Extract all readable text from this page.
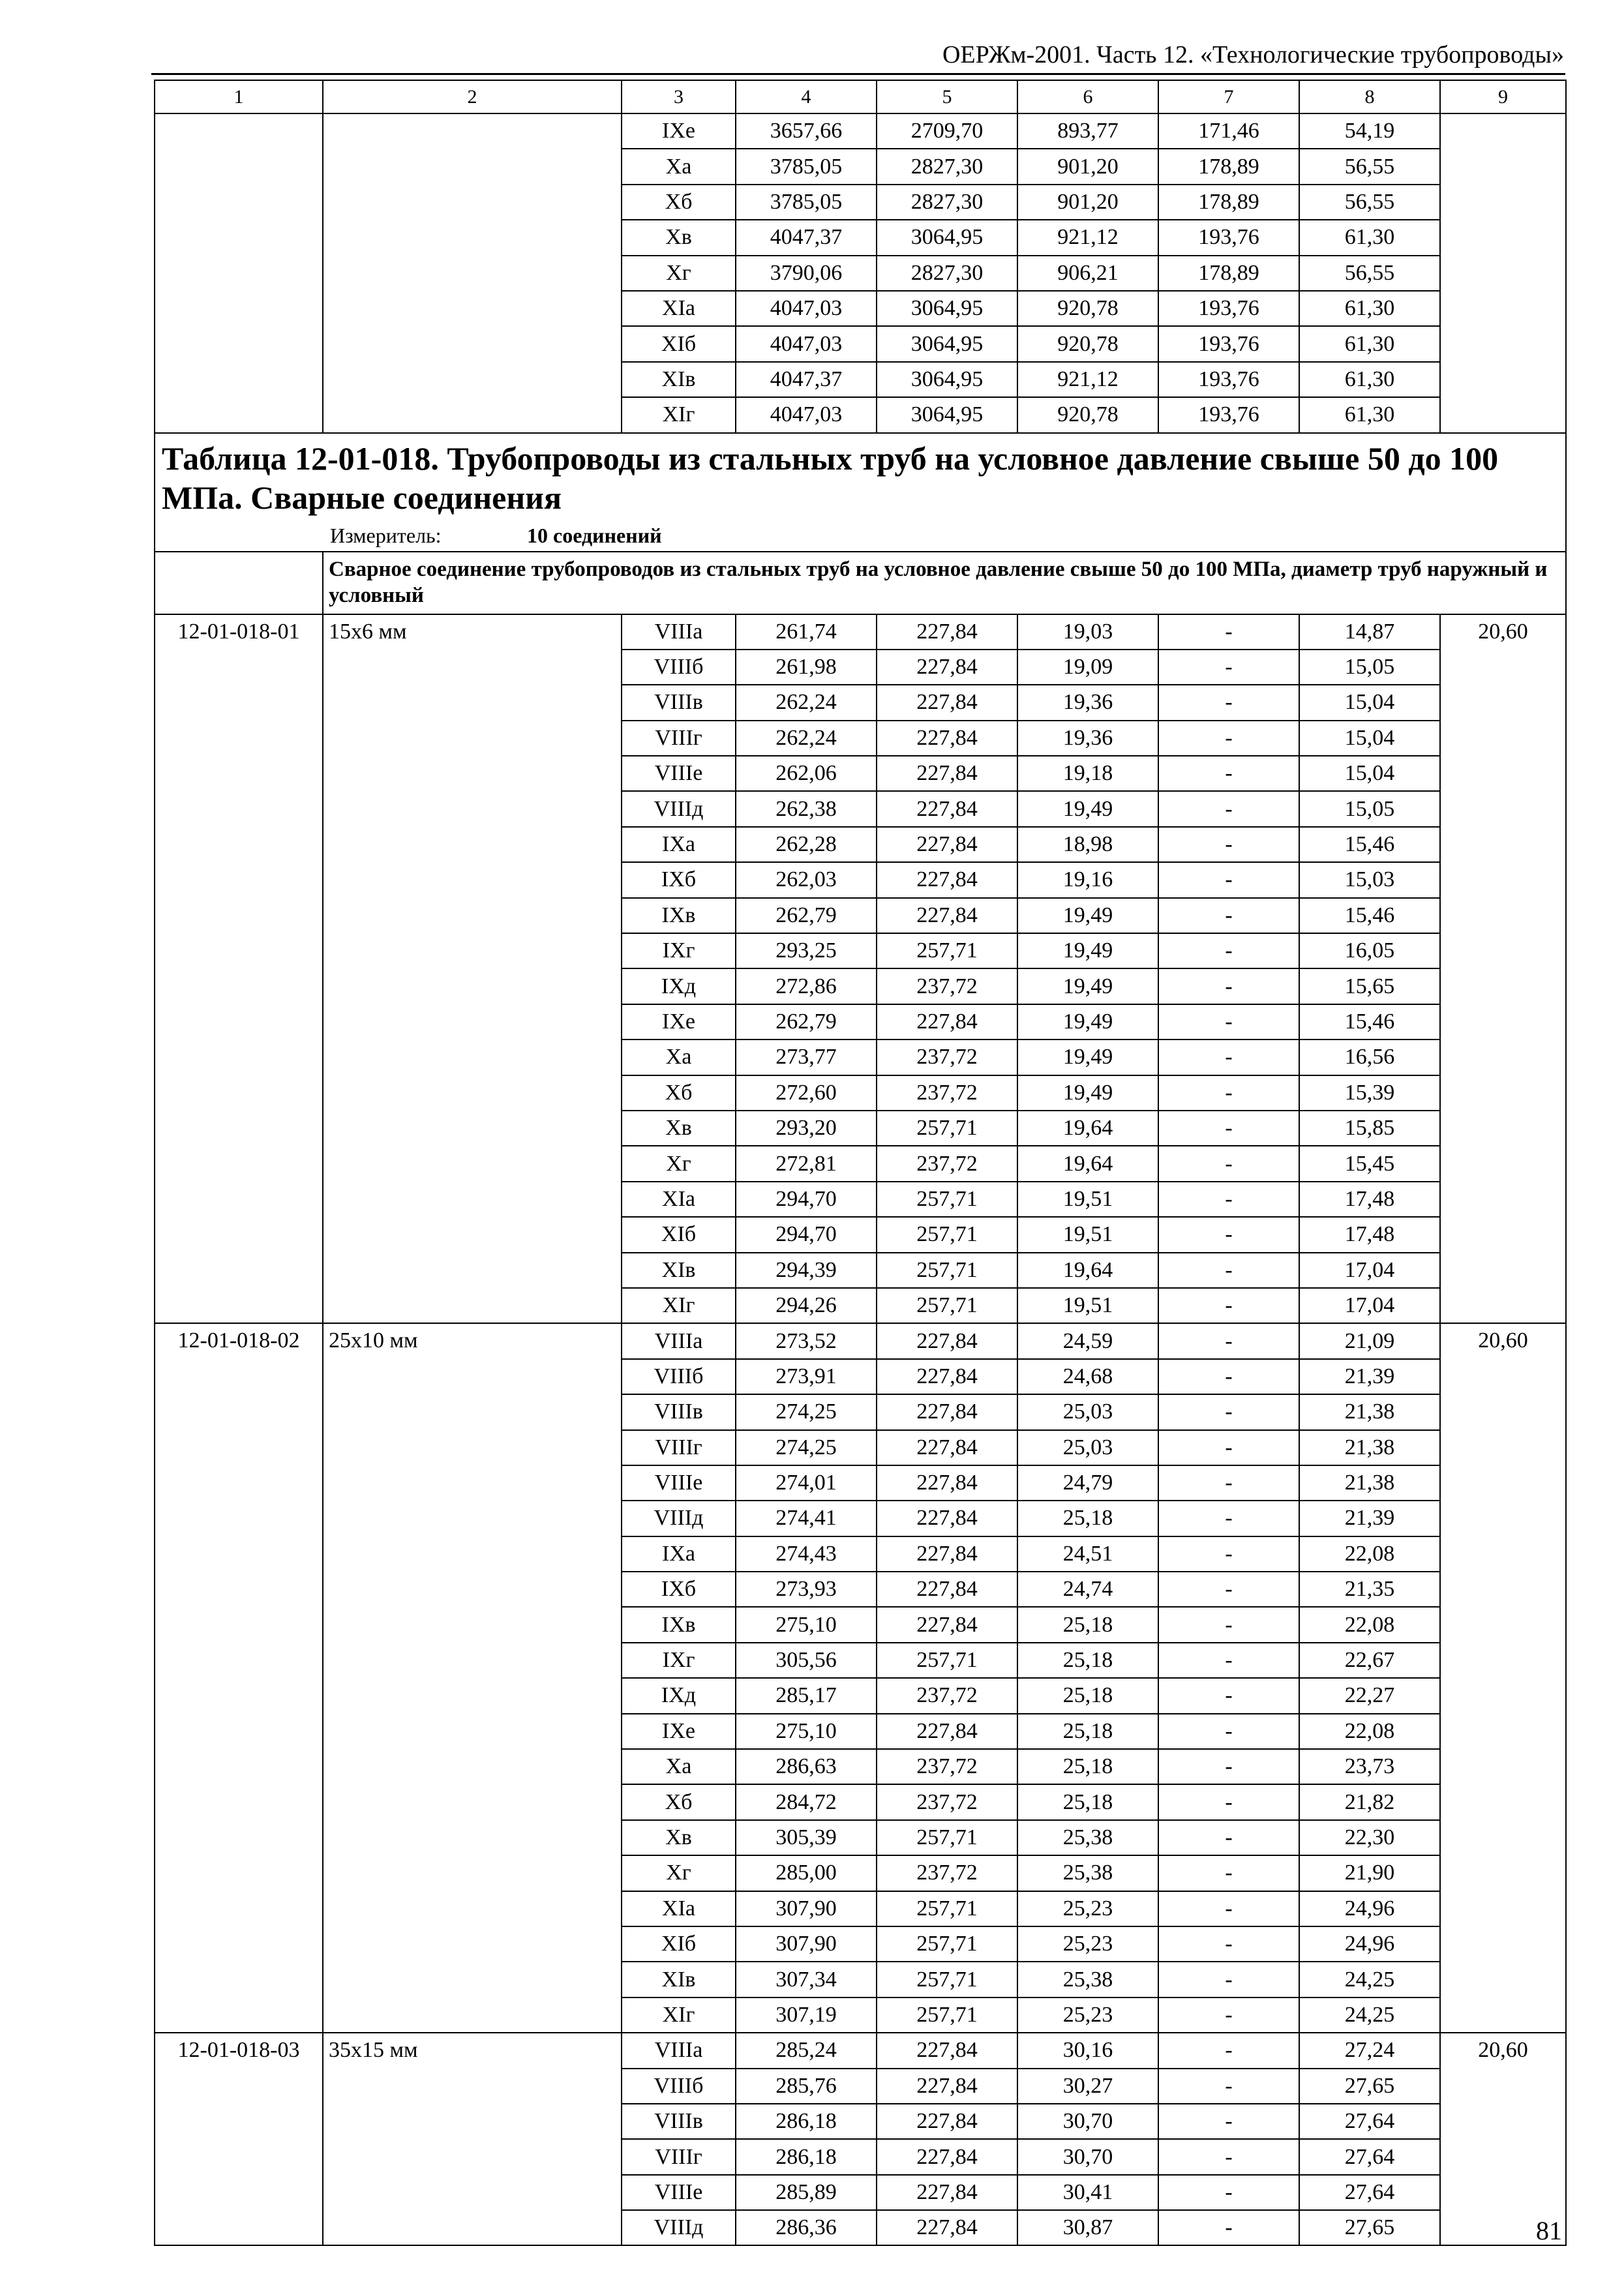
ОЕРЖм-2001. Часть 12. «Технологические трубопроводы»
1	2	3	4	5	6	7	8	9
		IXе	3657,66	2709,70	893,77	171,46	54,19	
		Xа	3785,05	2827,30	901,20	178,89	56,55	
		Xб	3785,05	2827,30	901,20	178,89	56,55	
		Xв	4047,37	3064,95	921,12	193,76	61,30	
		Xг	3790,06	2827,30	906,21	178,89	56,55	
		XIа	4047,03	3064,95	920,78	193,76	61,30	
		XIб	4047,03	3064,95	920,78	193,76	61,30	
		XIв	4047,37	3064,95	921,12	193,76	61,30	
		XIг	4047,03	3064,95	920,78	193,76	61,30	

Таблица 12-01-018. Трубопроводы из стальных труб на условное давление свыше 50 до 100 МПа. Сварные соединения
Измеритель: 10 соединений								

	Сварное соединение трубопроводов из стальных труб на условное давление свыше 50 до 100 МПа, диаметр труб наружный и условный							
12-01-018-01	15х6 мм	VIIIа	261,74	227,84	19,03	-	14,87	20,60
		VIIIб	261,98	227,84	19,09	-	15,05	
		VIIIв	262,24	227,84	19,36	-	15,04	
		VIIIг	262,24	227,84	19,36	-	15,04	
		VIIIе	262,06	227,84	19,18	-	15,04	
		VIIIд	262,38	227,84	19,49	-	15,05	
		IXа	262,28	227,84	18,98	-	15,46	
		IXб	262,03	227,84	19,16	-	15,03	
		IXв	262,79	227,84	19,49	-	15,46	
		IXг	293,25	257,71	19,49	-	16,05	
		IXд	272,86	237,72	19,49	-	15,65	
		IXе	262,79	227,84	19,49	-	15,46	
		Xа	273,77	237,72	19,49	-	16,56	
		Xб	272,60	237,72	19,49	-	15,39	
		Xв	293,20	257,71	19,64	-	15,85	
		Xг	272,81	237,72	19,64	-	15,45	
		XIа	294,70	257,71	19,51	-	17,48	
		XIб	294,70	257,71	19,51	-	17,48	
		XIв	294,39	257,71	19,64	-	17,04	
		XIг	294,26	257,71	19,51	-	17,04	
12-01-018-02	25х10 мм	VIIIа	273,52	227,84	24,59	-	21,09	20,60
		VIIIб	273,91	227,84	24,68	-	21,39	
		VIIIв	274,25	227,84	25,03	-	21,38	
		VIIIг	274,25	227,84	25,03	-	21,38	
		VIIIе	274,01	227,84	24,79	-	21,38	
		VIIIд	274,41	227,84	25,18	-	21,39	
		IXа	274,43	227,84	24,51	-	22,08	
		IXб	273,93	227,84	24,74	-	21,35	
		IXв	275,10	227,84	25,18	-	22,08	
		IXг	305,56	257,71	25,18	-	22,67	
		IXд	285,17	237,72	25,18	-	22,27	
		IXе	275,10	227,84	25,18	-	22,08	
		Xа	286,63	237,72	25,18	-	23,73	
		Xб	284,72	237,72	25,18	-	21,82	
		Xв	305,39	257,71	25,38	-	22,30	
		Xг	285,00	237,72	25,38	-	21,90	
		XIа	307,90	257,71	25,23	-	24,96	
		XIб	307,90	257,71	25,23	-	24,96	
		XIв	307,34	257,71	25,38	-	24,25	
		XIг	307,19	257,71	25,23	-	24,25	
12-01-018-03	35х15 мм	VIIIа	285,24	227,84	30,16	-	27,24	20,60
		VIIIб	285,76	227,84	30,27	-	27,65	
		VIIIв	286,18	227,84	30,70	-	27,64	
		VIIIг	286,18	227,84	30,70	-	27,64	
		VIIIе	285,89	227,84	30,41	-	27,64	
		VIIIд	286,36	227,84	30,87	-	27,65		81
